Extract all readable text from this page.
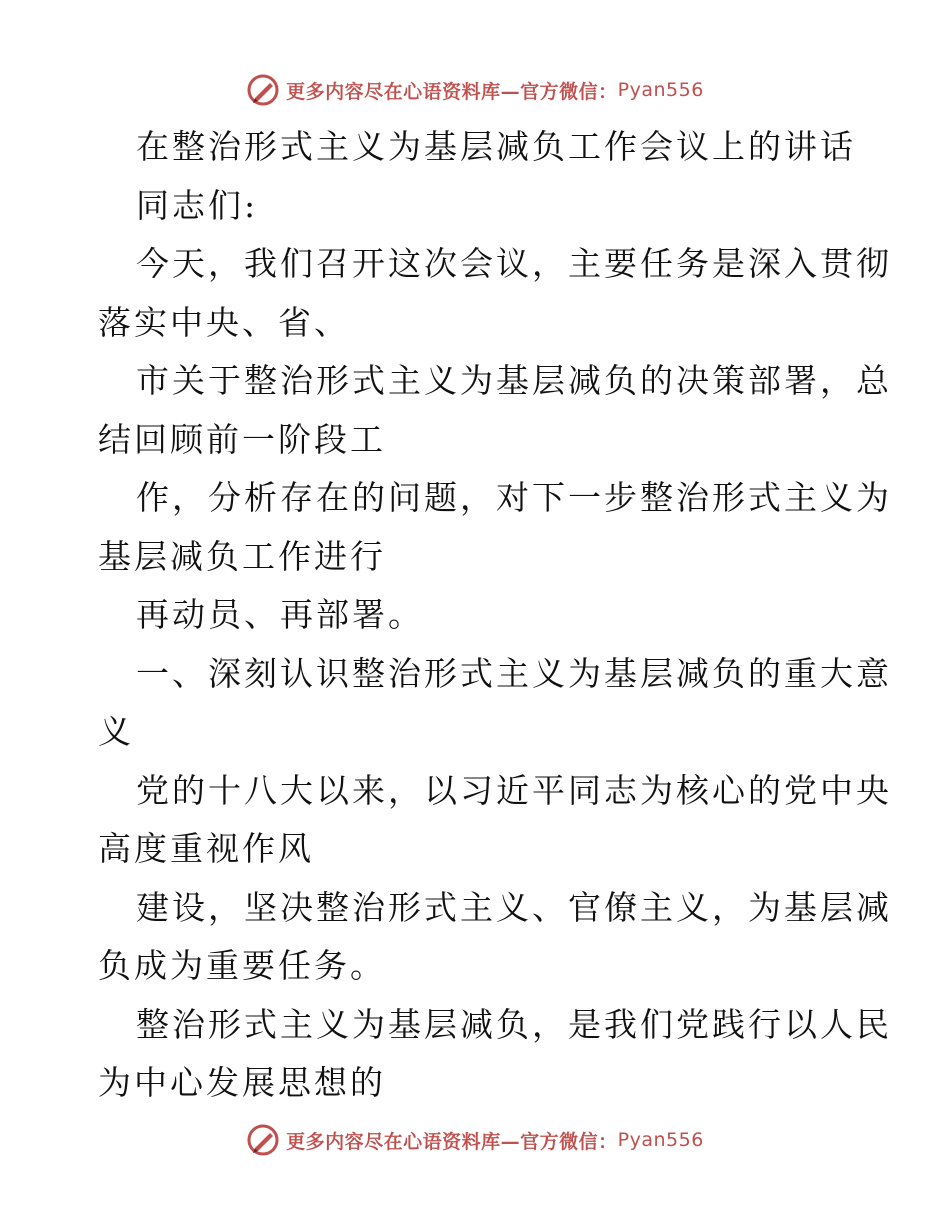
更多内容尽在心语资料库—官方微信： Pyan556
在整治形式主义为基层减负工作会议上的讲话
同志们:
今天，我们召开这次会议，主要任务是深入贯彻
落实中央、省、
市关于整治形式主义为基层减负的决策部署，总
结回顾前一阶段工
作，分析存在的问题，对下一步整治形式主义为
基层减负工作进行
再动员、再部署。
一、深刻认识整治形式主义为基层减负的重大意
义
党的十八大以来，以习近平同志为核心的党中央
高度重视作风
建设，坚决整治形式主义、官僚主义，为基层减
负成为重要任务。
整治形式主义为基层减负，是我们党践行以人民
为中心发展思想的
更多内容尽在心语资料库—官方微信： Pyan556
